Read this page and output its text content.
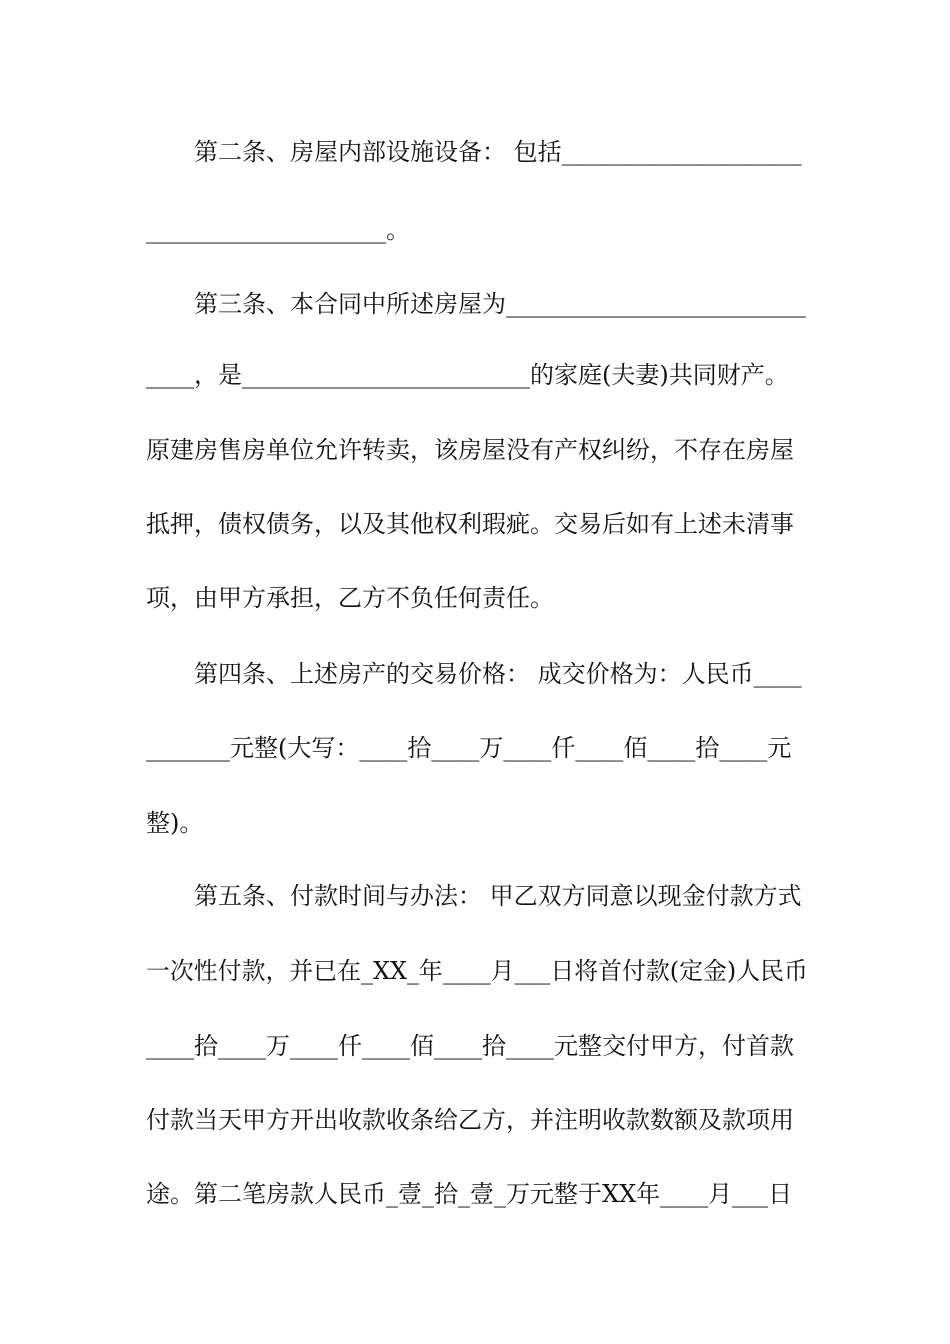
第二条、房屋内部设施设备： 包括____________________
____________________。
第三条、本合同中所述房屋为_________________________
____，是________________________的家庭(夫妻)共同财产。
原建房售房单位允许转卖，该房屋没有产权纠纷，不存在房屋
抵押，债权债务，以及其他权利瑕疵。交易后如有上述未清事
项，由甲方承担，乙方不负任何责任。
第四条、上述房产的交易价格： 成交价格为：人民币____
_______元整(大写：____拾____万____仟____佰____拾____元
整)。
第五条、付款时间与办法： 甲乙双方同意以现金付款方式
一次性付款，并已在_XX_年____月___日将首付款(定金)人民币
____拾____万____仟____佰____拾____元整交付甲方，付首款
付款当天甲方开出收款收条给乙方，并注明收款数额及款项用
途。第二笔房款人民币_壹_拾_壹_万元整于XX年____月___日
